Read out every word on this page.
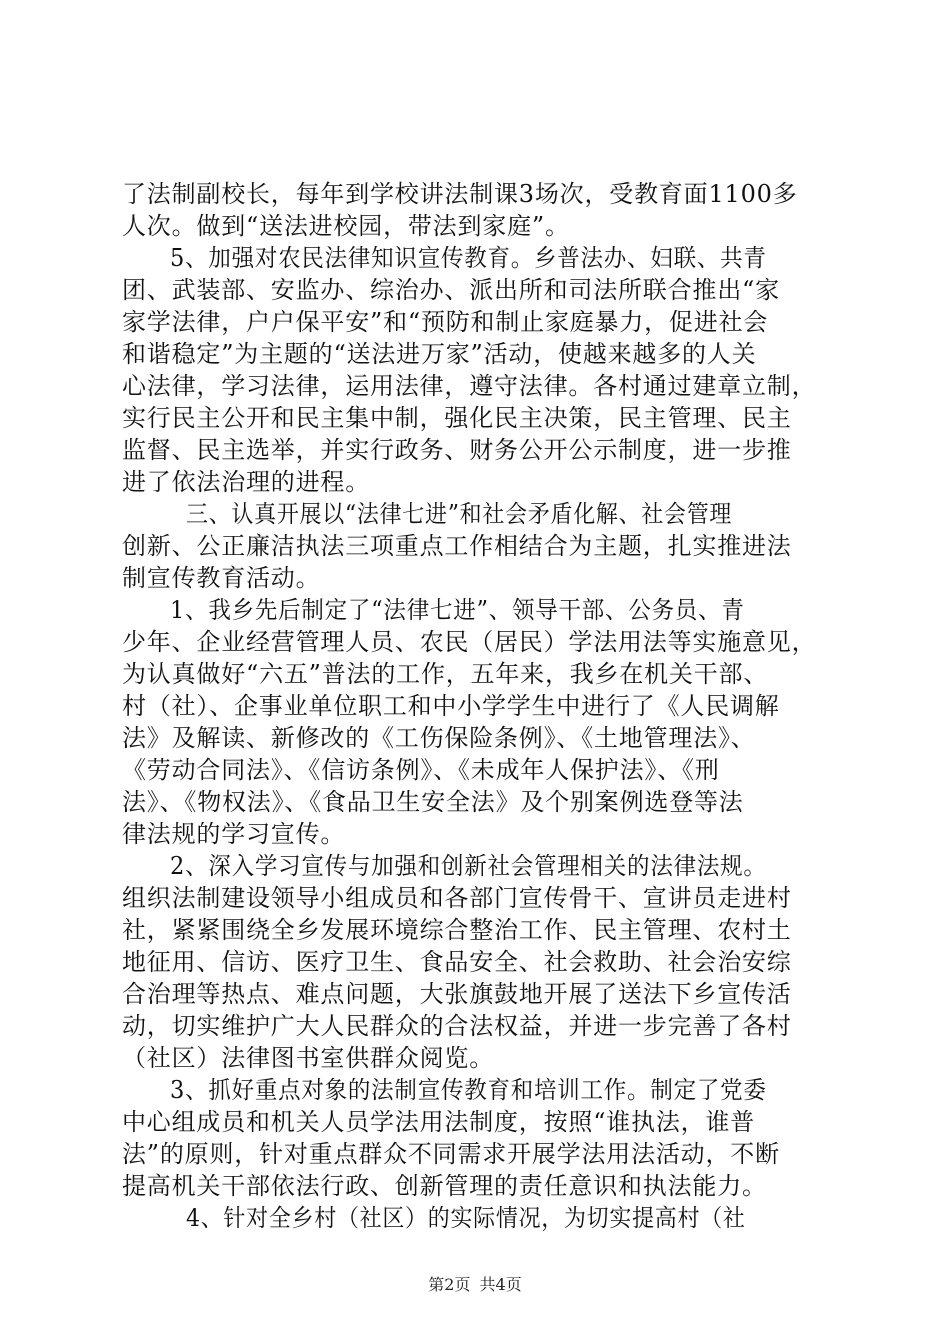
了法制副校长，每年到学校讲法制课3场次，受教育面1100多
人次。做到“送法进校园，带法到家庭”。
5、加强对农民法律知识宣传教育。乡普法办、妇联、共青
团、武装部、安监办、综治办、派出所和司法所联合推出“家
家学法律，户户保平安”和“预防和制止家庭暴力，促进社会
和谐稳定”为主题的“送法进万家”活动，使越来越多的人关
心法律，学习法律，运用法律，遵守法律。各村通过建章立制，
实行民主公开和民主集中制，强化民主决策，民主管理、民主
监督、民主选举，并实行政务、财务公开公示制度，进一步推
进了依法治理的进程。
三、认真开展以“法律七进”和社会矛盾化解、社会管理
创新、公正廉洁执法三项重点工作相结合为主题，扎实推进法
制宣传教育活动。
1、我乡先后制定了“法律七进”、领导干部、公务员、青
少年、企业经营管理人员、农民（居民）学法用法等实施意见，
为认真做好“六五”普法的工作，五年来，我乡在机关干部、
村（社）、企事业单位职工和中小学学生中进行了《人民调解
法》及解读、新修改的《工伤保险条例》、《土地管理法》、
《劳动合同法》、《信访条例》、《未成年人保护法》、《刑
法》、《物权法》、《食品卫生安全法》及个别案例选登等法
律法规的学习宣传。
2、深入学习宣传与加强和创新社会管理相关的法律法规。
组织法制建设领导小组成员和各部门宣传骨干、宣讲员走进村
社，紧紧围绕全乡发展环境综合整治工作、民主管理、农村土
地征用、信访、医疗卫生、食品安全、社会救助、社会治安综
合治理等热点、难点问题，大张旗鼓地开展了送法下乡宣传活
动，切实维护广大人民群众的合法权益，并进一步完善了各村
（社区）法律图书室供群众阅览。
3、抓好重点对象的法制宣传教育和培训工作。制定了党委
中心组成员和机关人员学法用法制度，按照“谁执法，谁普
法”的原则，针对重点群众不同需求开展学法用法活动，不断
提高机关干部依法行政、创新管理的责任意识和执法能力。
4、针对全乡村（社区）的实际情况，为切实提高村（社
第2页 共4页
